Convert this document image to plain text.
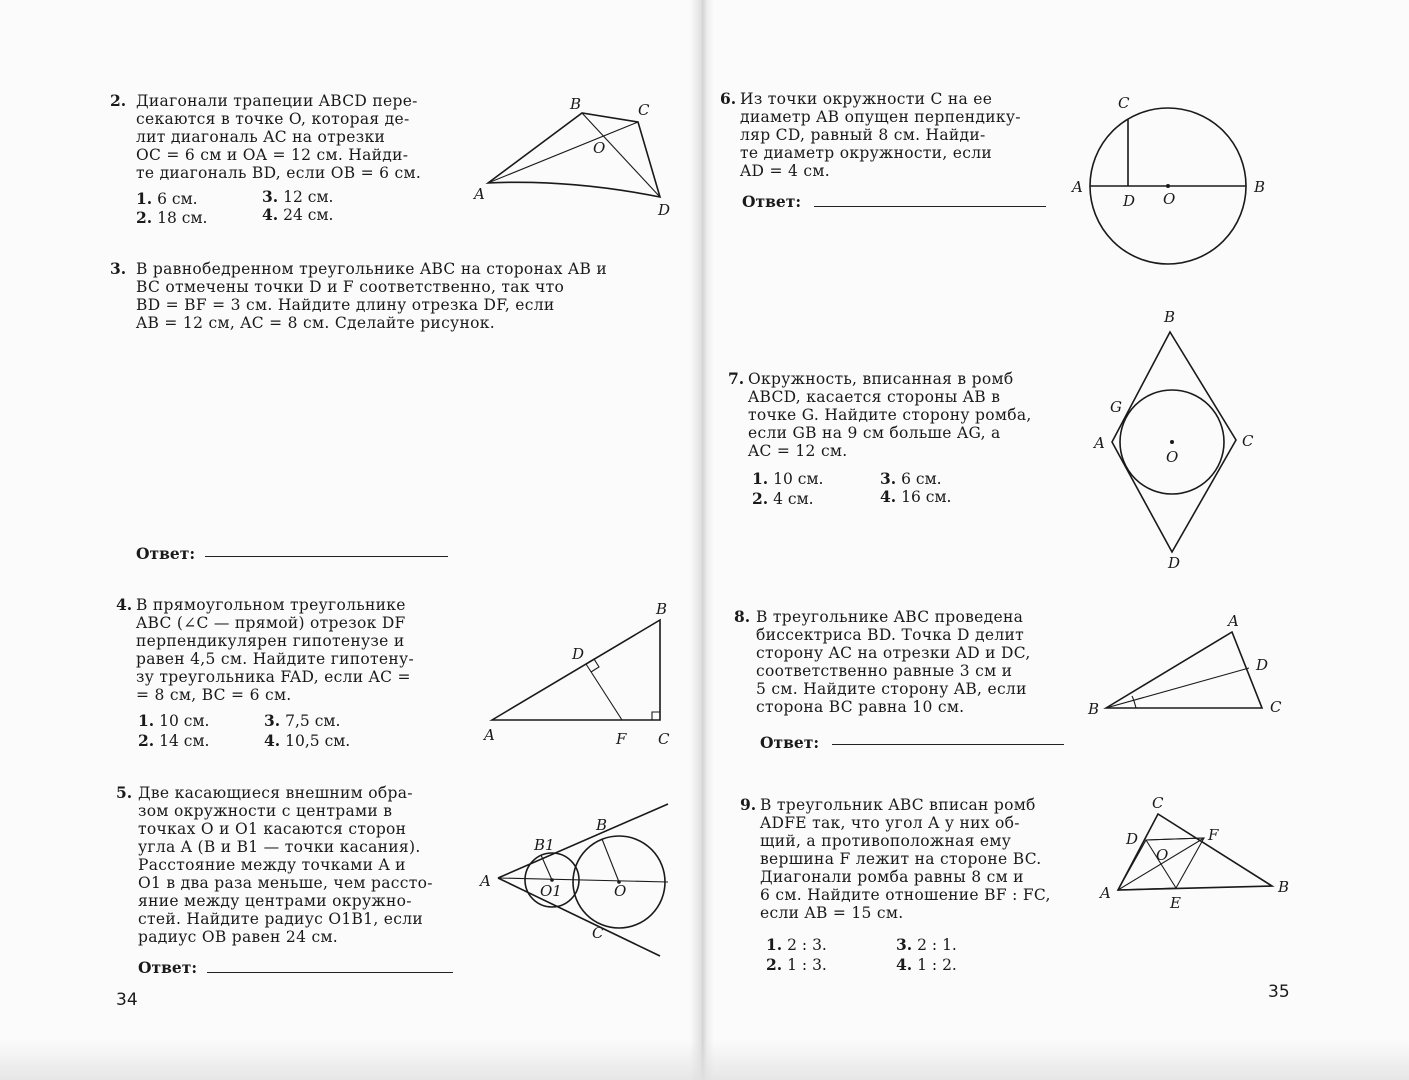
2. Диагонали трапеции ABCD пере-
секаются в точке O, которая де-
лит диагональ AC на отрезки
OC = 6 см и OA = 12 см. Найди-
те диагональ BD, если OB = 6 см.
1. 6 см.
2. 18 см.
3. 12 см.
4. 24 см.
A
B	C
D
O
3. В равнобедренном треугольнике ABC на сторонах AB и
BC отмечены точки D и F соответственно, так что
BD = BF = 3 см. Найдите длину отрезка DF, если
AB = 12 см, AC = 8 см. Сделайте рисунок.
Ответ:
4. В прямоугольном треугольнике
ABC (∠C — прямой) отрезок DF
перпендикулярен гипотенузе и
равен 4,5 см. Найдите гипотену-
зу треугольника FAD, если AC =
= 8 см, BC = 6 см.
1. 10 см.
2. 14 см.
3. 7,5 см.
4. 10,5 см.	A
B
C
D
F
5. Две касающиеся внешним обра-
зом окружности с центрами в
точках O и O1 касаются сторон
угла A (B и B1 — точки касания).
Расстояние между точками A и
O1 в два раза меньше, чем рассто-
яние между центрами окружно-
стей. Найдите радиус O1B1, если
радиус OB равен 24 см.
Ответ:
A
B
B1
C
O
O1
34
6. Из точки окружности C на ее
диаметр AB опущен перпендику-
ляр CD, равный 8 см. Найди-
те диаметр окружности, если
AD = 4 см.
Ответ:
A	B
C
D O
7. Окружность, вписанная в ромб
ABCD, касается стороны AB в
точке G. Найдите сторону ромба,
если GB на 9 см больше AG, а
AC = 12 см.
1. 10 см.
2. 4 см.
3. 6 см.
4. 16 см.
B
A	C
D
G
O
8. В треугольнике ABC проведена
биссектриса BD. Точка D делит
сторону AC на отрезки AD и DC,
соответственно равные 3 см и
5 см. Найдите сторону AB, если
сторона BC равна 10 см.
Ответ:
B
A
C
D
9. В треугольник ABC вписан ромб
ADFE так, что угол A у них об-
щий, а противоположная ему
вершина F лежит на стороне BC.
Диагонали ромба равны 8 см и
6 см. Найдите отношение BF : FC,
если AB = 15 см.
1. 2 : 3.
2. 1 : 3.
3. 2 : 1.
4. 1 : 2.
A	B
C
D
E
F
O
35
